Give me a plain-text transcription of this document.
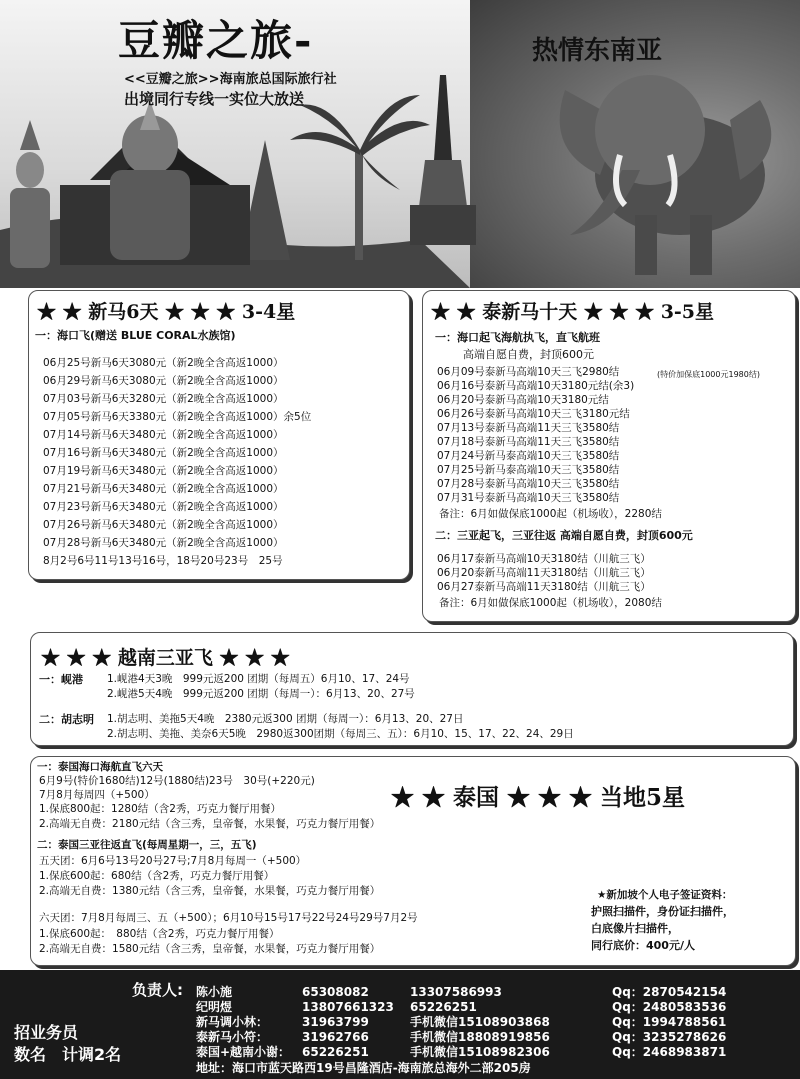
豆瓣之旅-
<<豆瓣之旅>>海南旅总国际旅行社
出境同行专线一实位大放送
热情东南亚
★ ★ 新马6天 ★ ★ ★ 3-4星
一：海口飞(赠送 BLUE CORAL水族馆)
06月25号新马6天3080元（新2晚全含高返1000）
06月29号新马6天3080元（新2晚全含高返1000）
07月03号新马6天3280元（新2晚全含高返1000）
07月05号新马6天3380元（新2晚全含高返1000）余5位
07月14号新马6天3480元（新2晚全含高返1000）
07月16号新马6天3480元（新2晚全含高返1000）
07月19号新马6天3480元（新2晚全含高返1000）
07月21号新马6天3480元（新2晚全含高返1000）
07月23号新马6天3480元（新2晚全含高返1000）
07月26号新马6天3480元（新2晚全含高返1000）
07月28号新马6天3480元（新2晚全含高返1000）
8月2号6号11号13号16号，18号20号23号　25号
★ ★ 泰新马十天 ★ ★ ★ 3-5星
一：海口起飞海航执飞，直飞航班
高端自愿自费，封顶600元
06月09号泰新马高端10天三飞2980结
06月16号泰新马高端10天3180元结(余3)
06月20号泰新马高端10天3180元结
06月26号泰新马高端10天三飞3180元结
07月13号泰新马高端11天三飞3580结
07月18号泰新马高端11天三飞3580结
07月24号新马泰高端10天三飞3580结
07月25号新马泰高端10天三飞3580结
07月28号泰新马高端10天三飞3580结
07月31号泰新马高端10天三飞3580结
(特价加保底1000元1980结)
备注：6月如做保底1000起（机场收），2280结
二：三亚起飞，三亚往返 高端自愿自费，封顶600元
06月17泰新马高端10天3180结（川航三飞）
06月20泰新马高端11天3180结（川航三飞）
06月27泰新马高端11天3180结（川航三飞）
备注：6月如做保底1000起（机场收），2080结
★ ★ ★ 越南三亚飞 ★ ★ ★
一：岘港 1.岘港4天3晚　999元返200 团期（每周五）6月10、17、24号
2.岘港5天4晚　999元返200 团期（每周一）：6月13、20、27号
二：胡志明 1.胡志明、美拖5天4晚　2380元返300 团期（每周一）：6月13、20、27日
2.胡志明、美拖、美奈6天5晚　2980返300团期（每周三、五）：6月10、15、17、22、24、29日
一：泰国海口海航直飞六天
6月9号(特价1680结)12号(1880结)23号　30号(+220元)
7月8月每周四（+500）
1.保底800起：1280结（含2秀，巧克力餐厅用餐）
2.高端无自费：2180元结（含三秀，皇帝餐，水果餐，巧克力餐厅用餐）
★ ★ 泰国 ★ ★ ★ 当地5星
二：泰国三亚往返直飞(每周星期一，三，五飞)
五天团：6月6号13号20号27号;7月8月每周一（+500）
1.保底600起：680结（含2秀，巧克力餐厅用餐）
2.高端无自费：1380元结（含三秀，皇帝餐，水果餐，巧克力餐厅用餐）
六天团：7月8月每周三、五（+500）；6月10号15号17号22号24号29号7月2号
1.保底600起：　880结（含2秀，巧克力餐厅用餐）
2.高端无自费：1580元结（含三秀，皇帝餐，水果餐，巧克力餐厅用餐）
★新加坡个人电子签证资料：
护照扫描件，身份证扫描件，
白底像片扫描件，
同行底价：400元/人
负责人:
招业务员
数名　计调2名
陈小施	65308082	13307586993	Qq：2870542154
纪明煜	13807661323 65226251	Qq：2480583536
新马调小林：	31963799	手机微信15108903868	Qq：1994788561
泰新马小符：	31962766	手机微信18808919856	Qq：3235278626
泰国+越南小谢： 65226251	手机微信15108982306	Qq：2468983871
地址：海口市蓝天路西19号昌隆酒店-海南旅总海外二部205房
